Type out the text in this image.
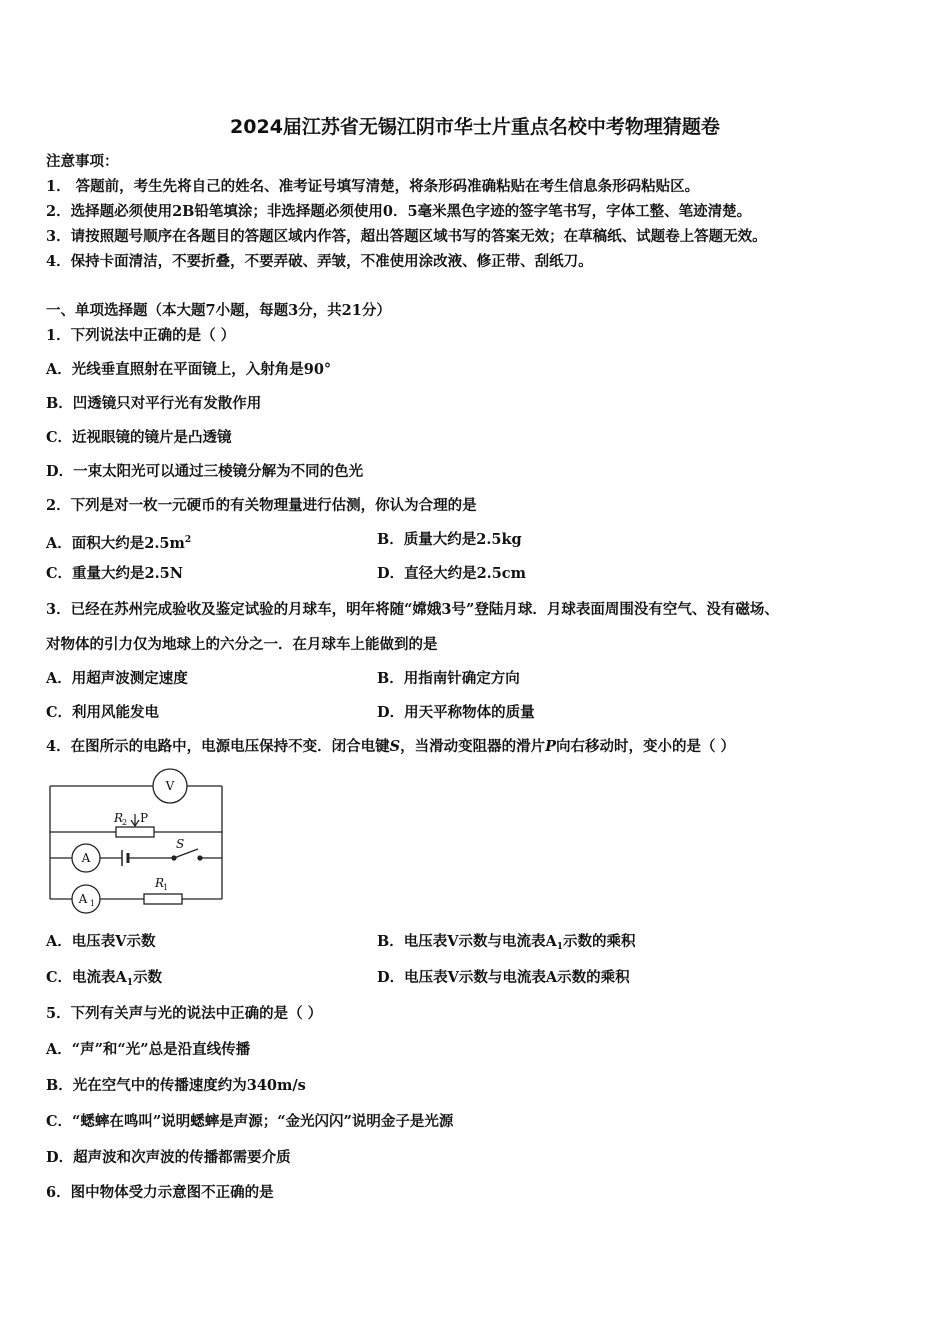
2024届江苏省无锡江阴市华士片重点名校中考物理猜题卷
注意事项：
1． 答题前，考生先将自己的姓名、准考证号填写清楚，将条形码准确粘贴在考生信息条形码粘贴区。
2．选择题必须使用2B铅笔填涂；非选择题必须使用0．5毫米黑色字迹的签字笔书写，字体工整、笔迹清楚。
3．请按照题号顺序在各题目的答题区域内作答，超出答题区域书写的答案无效；在草稿纸、试题卷上答题无效。
4．保持卡面清洁，不要折叠，不要弄破、弄皱，不准使用涂改液、修正带、刮纸刀。
一、单项选择题（本大题7小题，每题3分，共21分）
1．下列说法中正确的是（ ）
A．光线垂直照射在平面镜上，入射角是90°
B．凹透镜只对平行光有发散作用
C．近视眼镜的镜片是凸透镜
D．一束太阳光可以通过三棱镜分解为不同的色光
2．下列是对一枚一元硬币的有关物理量进行估测，你认为合理的是
A．面积大约是$2.5m^2$	B．质量大约是2.5kg
C．重量大约是2.5N	D．直径大约是2.5cm
3．已经在苏州完成验收及鉴定试验的月球车，明年将随“嫦娥3号”登陆月球．月球表面周围没有空气、没有磁场、
对物体的引力仅为地球上的六分之一．在月球车上能做到的是
A．用超声波测定速度	B．用指南针确定方向
C．利用风能发电	D．用天平称物体的质量
4．在图所示的电路中，电源电压保持不变．闭合电键S，当滑动变阻器的滑片P向右移动时，变小的是（ ）
V
A
A 1
R
2 P
S
R
1
A．电压表V示数	B．电压表V示数与电流表$A_1$示数的乘积
C．电流表$A_1$示数	D．电压表V示数与电流表A示数的乘积
5．下列有关声与光的说法中正确的是（ ）
A．“声”和“光”总是沿直线传播
B．光在空气中的传播速度约为340m/s
C．“蟋蟀在鸣叫”说明蟋蟀是声源；“金光闪闪”说明金子是光源
D．超声波和次声波的传播都需要介质
6．图中物体受力示意图不正确的是
